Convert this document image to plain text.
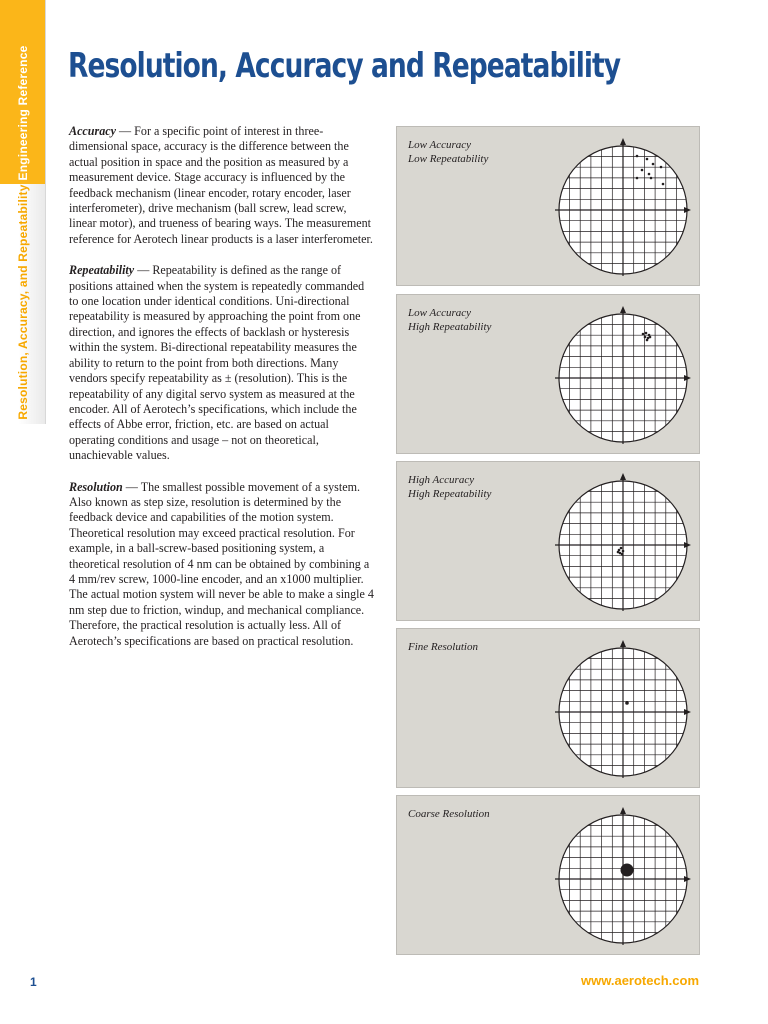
Engineering Reference
Resolution, Accuracy, and Repeatability
Resolution, Accuracy and Repeatability

Accuracy — For a specific point of interest in three-dimensional space, accuracy is the difference between the actual position in space and the position as measured by a measurement device. Stage accuracy is influenced by the feedback mechanism (linear encoder, rotary encoder, laser interferometer), drive mechanism (ball screw, lead screw, linear motor), and trueness of bearing ways. The measurement reference for Aerotech linear products is a laser interferometer.

Repeatability — Repeatability is defined as the range of positions attained when the system is repeatedly commanded to one location under identical conditions. Uni-directional repeatability is measured by approaching the point from one direction, and ignores the effects of backlash or hysteresis within the system. Bi-directional repeatability measures the ability to return to the point from both directions. Many vendors specify repeatability as ± (resolution). This is the repeatability of any digital servo system as measured at the encoder. All of Aerotech’s specifications, which include the effects of Abbe error, friction, etc. are based on actual operating conditions and usage – not on theoretical, unachievable values.

Resolution — The smallest possible movement of a system. Also known as step size, resolution is determined by the feedback device and capabilities of the motion system. Theoretical resolution may exceed practical resolution. For example, in a ball-screw-based positioning system, a theoretical resolution of 4 nm can be obtained by combining a 4 mm/rev screw, 1000-line encoder, and an x1000 multiplier. The actual motion system will never be able to make a single 4 nm step due to friction, windup, and mechanical compliance. Therefore, the practical resolution is actually less. All of Aerotech’s specifications are based on practical resolution.

Low Accuracy
Low Repeatability
Low Accuracy
High Repeatability
High Accuracy
High Repeatability
Fine Resolution
Coarse Resolution
1	www.aerotech.com
